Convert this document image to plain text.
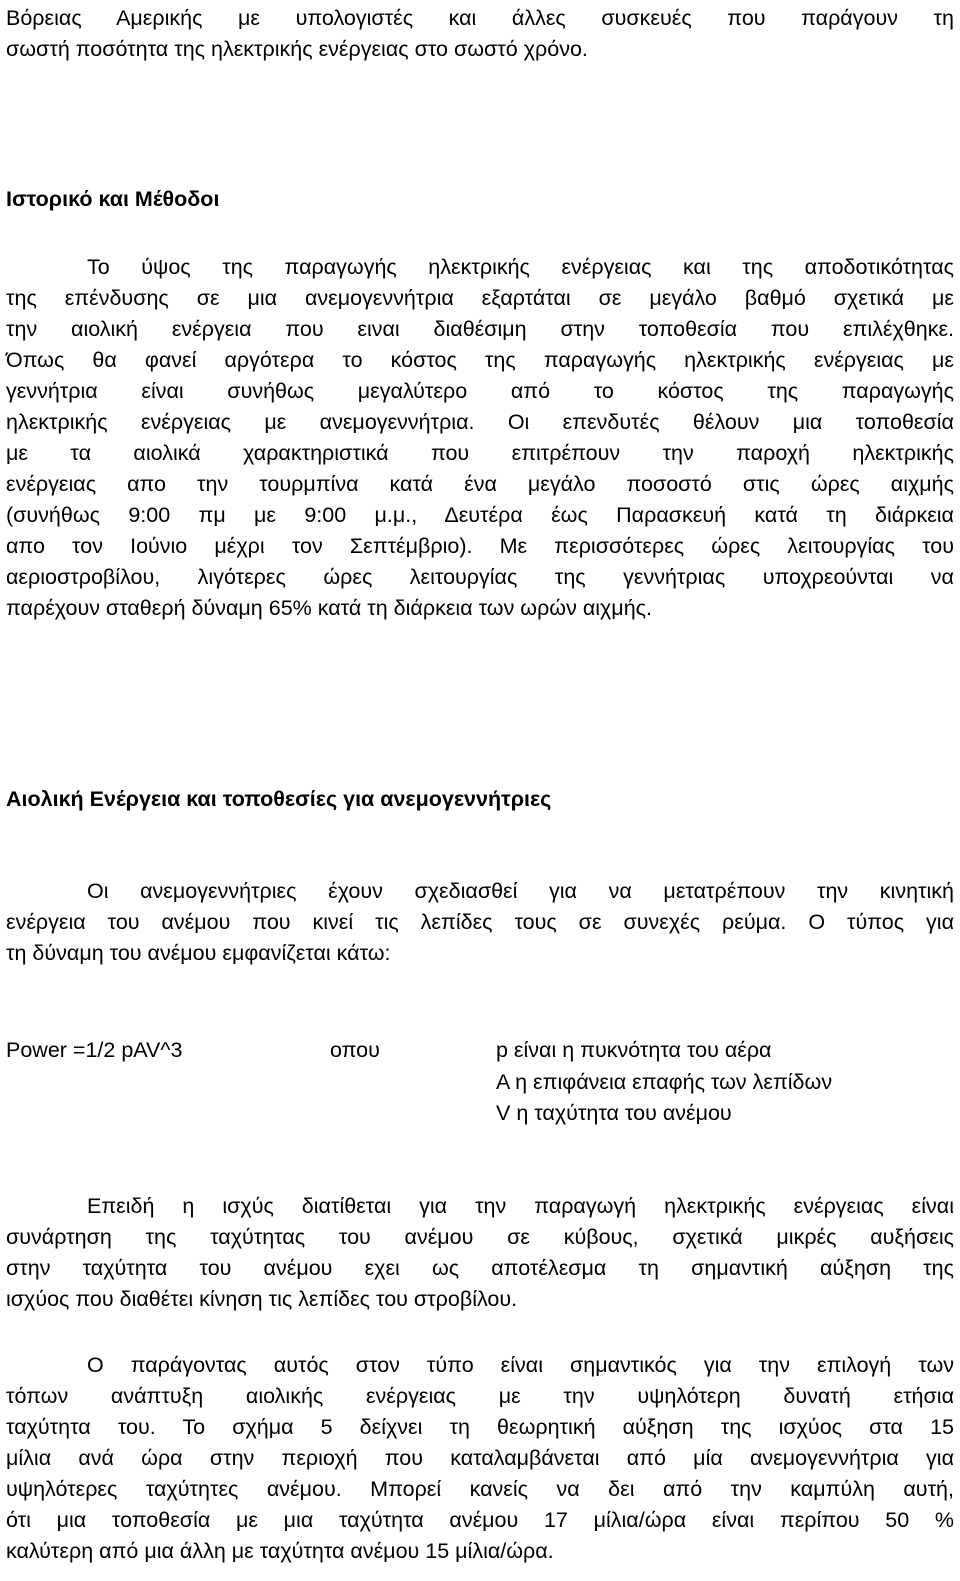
Βόρειας Αμερικής με υπολογιστές και άλλες συσκευές που παράγουν τη
σωστή ποσότητα της ηλεκτρικής ενέργειας στο σωστό χρόνο.
Ιστορικό και Μέθοδοι
Το ύψος της παραγωγής ηλεκτρικής ενέργειας και της αποδοτικότητας
της επένδυσης σε μια ανεμογεννήτρια εξαρτάται σε μεγάλο βαθμό σχετικά με
την αιολική ενέργεια που ειναι διαθέσιμη στην τοποθεσία που επιλέχθηκε.
Όπως θα φανεί αργότερα το κόστος της παραγωγής ηλεκτρικής ενέργειας με
γεννήτρια είναι συνήθως μεγαλύτερο από το κόστος της παραγωγής
ηλεκτρικής ενέργειας με ανεμογεννήτρια. Οι επενδυτές θέλουν μια τοποθεσία
με τα αιολικά χαρακτηριστικά που επιτρέπουν την παροχή ηλεκτρικής
ενέργειας απο την τουρμπίνα κατά ένα μεγάλο ποσοστό στις ώρες αιχμής
(συνήθως 9:00 πμ με 9:00 μ.μ., Δευτέρα έως Παρασκευή κατά τη διάρκεια
απο τον Ιούνιο μέχρι τον Σεπτέμβριο). Με περισσότερες ώρες λειτουργίας του
αεριοστροβίλου, λιγότερες ώρες λειτουργίας της γεννήτριας υποχρεούνται να
παρέχουν σταθερή δύναμη 65% κατά τη διάρκεια των ωρών αιχμής.
Αιολική Ενέργεια και τοποθεσίες για ανεμογεννήτριες
Οι ανεμογεννήτριες έχουν σχεδιασθεί για να μετατρέπουν την κινητική
ενέργεια του ανέμου που κινεί τις λεπίδες τους σε συνεχές ρεύμα. Ο τύπος για
τη δύναμη του ανέμου εμφανίζεται κάτω:
Power =1/2 pAV^3	οπου	p είναι η πυκνότητα του αέρα
A η επιφάνεια επαφής των λεπίδων
V η ταχύτητα του ανέμου
Επειδή η ισχύς διατίθεται για την παραγωγή ηλεκτρικής ενέργειας είναι
συνάρτηση της ταχύτητας του ανέμου σε κύβους, σχετικά μικρές αυξήσεις
στην ταχύτητα του ανέμου εχει ως αποτέλεσμα τη σημαντική αύξηση της
ισχύος που διαθέτει κίνηση τις λεπίδες του στροβίλου.
Ο παράγοντας αυτός στον τύπο είναι σημαντικός για την επιλογή των
τόπων ανάπτυξη αιολικής ενέργειας με την υψηλότερη δυνατή ετήσια
ταχύτητα του. Το σχήμα 5 δείχνει τη θεωρητική αύξηση της ισχύος στα 15
μίλια ανά ώρα στην περιοχή που καταλαμβάνεται από μία ανεμογεννήτρια για
υψηλότερες ταχύτητες ανέμου. Μπορεί κανείς να δει από την καμπύλη αυτή,
ότι μια τοποθεσία με μια ταχύτητα ανέμου 17 μίλια/ώρα είναι περίπου 50 %
καλύτερη από μια άλλη με ταχύτητα ανέμου 15 μίλια/ώρα.
